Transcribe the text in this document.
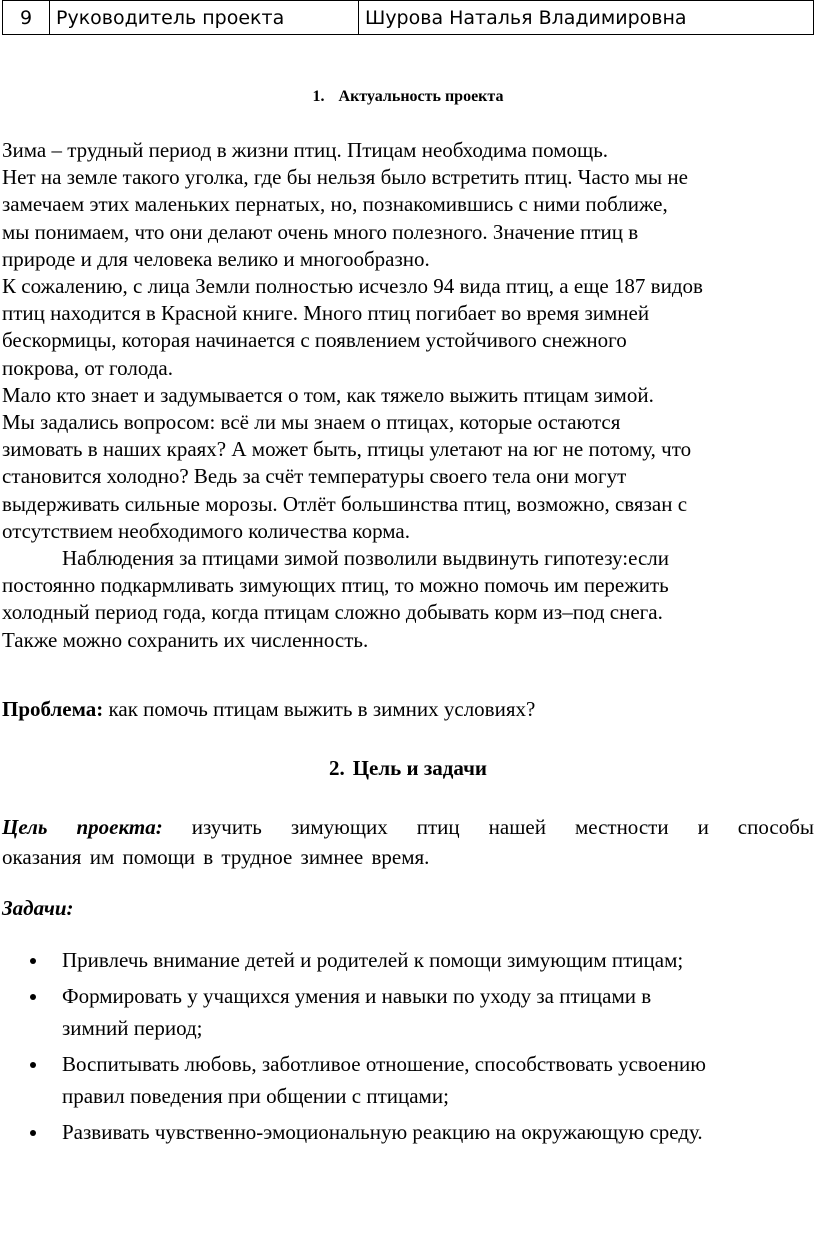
9	Руководитель проекта	Шурова Наталья Владимировна
1. Актуальность проекта

Зима – трудный период в жизни птиц. Птицам необходима помощь.

Нет на земле такого уголка, где бы нельзя было встретить птиц. Часто мы не

замечаем этих маленьких пернатых, но, познакомившись с ними поближе,

мы понимаем, что они делают очень много полезного. Значение птиц в

природе и для человека велико и многообразно.

К сожалению, с лица Земли полностью исчезло 94 вида птиц, а еще 187 видов

птиц находится в Красной книге. Много птиц погибает во время зимней

бескормицы, которая начинается с появлением устойчивого снежного

покрова, от голода.

Мало кто знает и задумывается о том, как тяжело выжить птицам зимой.

Мы задались вопросом: всё ли мы знаем о птицах, которые остаются

зимовать в наших краях? А может быть, птицы улетают на юг не потому, что

становится холодно? Ведь за счёт температуры своего тела они могут

выдерживать сильные морозы. Отлёт большинства птиц, возможно, связан с

отсутствием необходимого количества корма.

Наблюдения за птицами зимой позволили выдвинуть гипотезу:если

постоянно подкармливать зимующих птиц, то можно помочь им пережить

холодный период года, когда птицам сложно добывать корм из–под снега.

Также можно сохранить их численность.

Проблема: как помочь птицам выжить в зимних условиях?
2. Цель и задачи
Цель проекта: изучить зимующих птиц нашей местности и способы
оказания им помощи в трудное зимнее время.
Задачи:
Привлечь внимание детей и родителей к помощи зимующим птицам;
Формировать у учащихся умения и навыки по уходу за птицами в
зимний период;
Воспитывать любовь, заботливое отношение, способствовать усвоению
правил поведения при общении с птицами;
Развивать чувственно-эмоциональную реакцию на окружающую среду.
